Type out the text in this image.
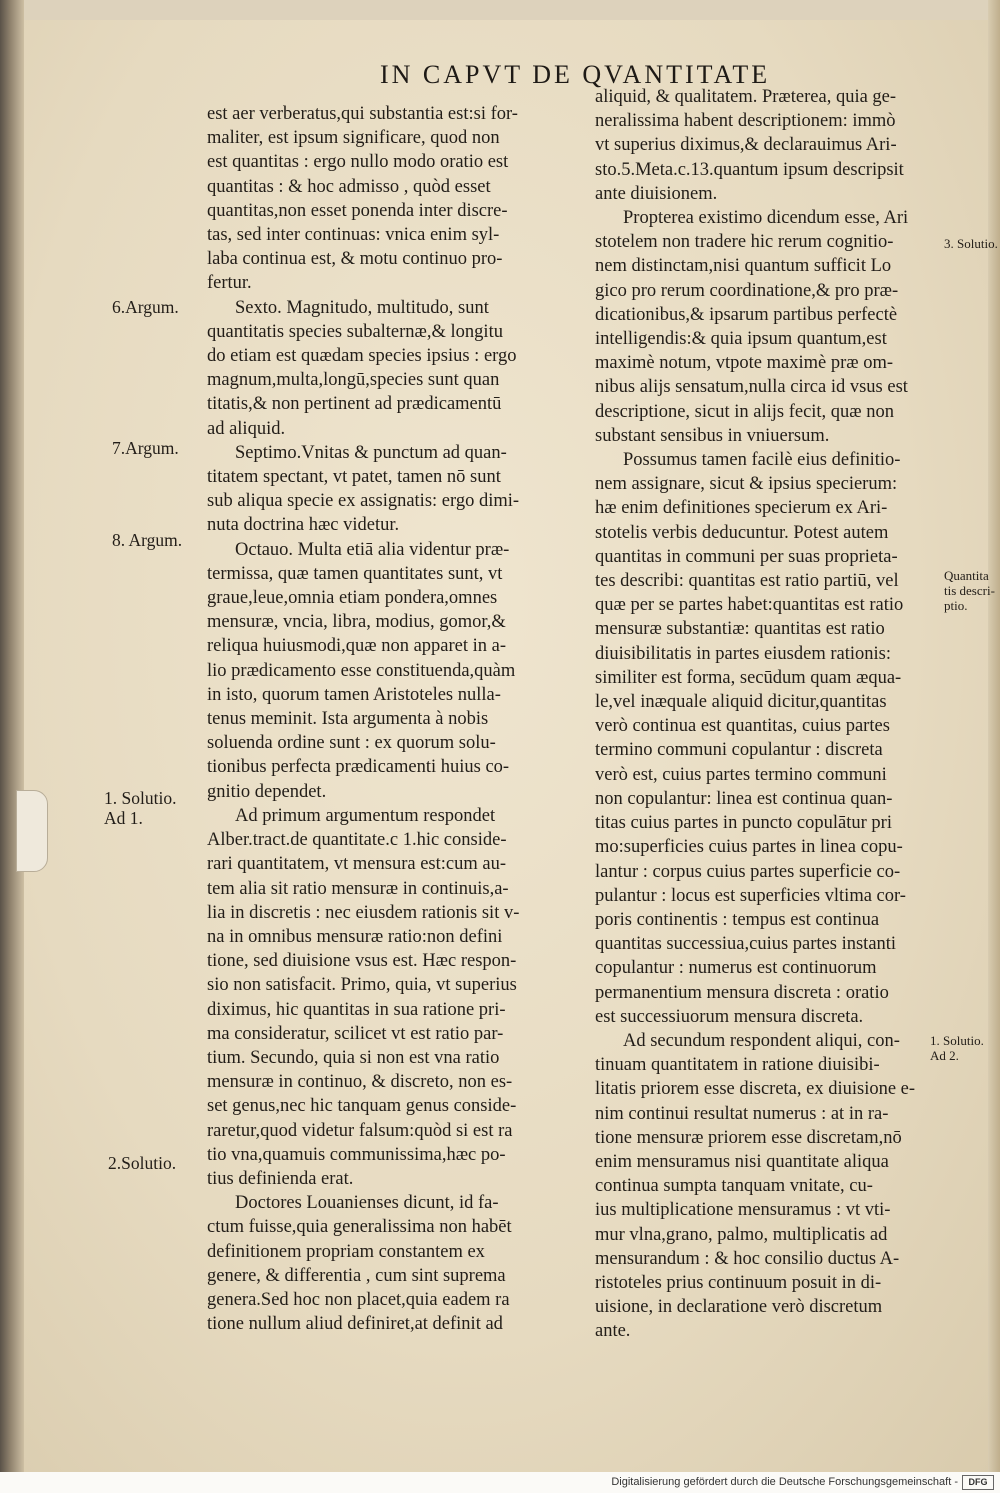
IN CAPVT DE QVANTITATE

est aer verberatus,qui substantia est:si for-

maliter, est ipsum significare, quod non

est quantitas : ergo nullo modo oratio est

quantitas : & hoc admisso , quòd esset

quantitas,non esset ponenda inter discre-

tas, sed inter continuas: vnica enim syl-

laba continua est, & motu continuo pro-

fertur.

Sexto. Magnitudo, multitudo, sunt

quantitatis species subalternæ,& longitu

do etiam est quædam species ipsius : ergo

magnum,multa,longū,species sunt quan

titatis,& non pertinent ad prædicamentū

ad aliquid.

Septimo.Vnitas & punctum ad quan-

titatem spectant, vt patet, tamen nō sunt

sub aliqua specie ex assignatis: ergo dimi-

nuta doctrina hæc videtur.

Octauo. Multa etiā alia videntur præ-

termissa, quæ tamen quantitates sunt, vt

graue,leue,omnia etiam pondera,omnes

mensuræ, vncia, libra, modius, gomor,&

reliqua huiusmodi,quæ non apparet in a-

lio prædicamento esse constituenda,quàm

in isto, quorum tamen Aristoteles nulla-

tenus meminit. Ista argumenta à nobis

soluenda ordine sunt : ex quorum solu-

tionibus perfecta prædicamenti huius co-

gnitio dependet.

Ad primum argumentum respondet

Alber.tract.de quantitate.c 1.hic conside-

rari quantitatem, vt mensura est:cum au-

tem alia sit ratio mensuræ in continuis,a-

lia in discretis : nec eiusdem rationis sit v-

na in omnibus mensuræ ratio:non defini

tione, sed diuisione vsus est. Hæc respon-

sio non satisfacit. Primo, quia, vt superius

diximus, hic quantitas in sua ratione pri-

ma consideratur, scilicet vt est ratio par-

tium. Secundo, quia si non est vna ratio

mensuræ in continuo, & discreto, non es-

set genus,nec hic tanquam genus conside-

raretur,quod videtur falsum:quòd si est ra

tio vna,quamuis communissima,hæc po-

tius definienda erat.

Doctores Louanienses dicunt, id fa-

ctum fuisse,quia generalissima non habēt

definitionem propriam constantem ex

genere, & differentia , cum sint suprema

genera.Sed hoc non placet,quia eadem ra

tione nullum aliud definiret,at definit ad

aliquid, & qualitatem. Præterea, quia ge-

neralissima habent descriptionem: immò

vt superius diximus,& declarauimus Ari-

sto.5.Meta.c.13.quantum ipsum descripsit

ante diuisionem.

Propterea existimo dicendum esse, Ari

stotelem non tradere hic rerum cognitio-

nem distinctam,nisi quantum sufficit Lo

gico pro rerum coordinatione,& pro præ-

dicationibus,& ipsarum partibus perfectè

intelligendis:& quia ipsum quantum,est

maximè notum, vtpote maximè præ om-

nibus alijs sensatum,nulla circa id vsus est

descriptione, sicut in alijs fecit, quæ non

substant sensibus in vniuersum.

Possumus tamen facilè eius definitio-

nem assignare, sicut & ipsius specierum:

hæ enim definitiones specierum ex Ari-

stotelis verbis deducuntur. Potest autem

quantitas in communi per suas proprieta-

tes describi: quantitas est ratio partiū, vel

quæ per se partes habet:quantitas est ratio

mensuræ substantiæ: quantitas est ratio

diuisibilitatis in partes eiusdem rationis:

similiter est forma, secūdum quam æqua-

le,vel inæquale aliquid dicitur,quantitas

verò continua est quantitas, cuius partes

termino communi copulantur : discreta

verò est, cuius partes termino communi

non copulantur: linea est continua quan-

titas cuius partes in puncto copulātur pri

mo:superficies cuius partes in linea copu-

lantur : corpus cuius partes superficie co-

pulantur : locus est superficies vltima cor-

poris continentis : tempus est continua

quantitas successiua,cuius partes instanti

copulantur : numerus est continuorum

permanentium mensura discreta : oratio

est successiuorum mensura discreta.

Ad secundum respondent aliqui, con-

tinuam quantitatem in ratione diuisibi-

litatis priorem esse discreta, ex diuisione e-

nim continui resultat numerus : at in ra-

tione mensuræ priorem esse discretam,nō

enim mensuramus nisi quantitate aliqua

continua sumpta tanquam vnitate, cu-

ius multiplicatione mensuramus : vt vti-

mur vlna,grano, palmo, multiplicatis ad

mensurandum : & hoc consilio ductus A-

ristoteles prius continuum posuit in di-

uisione, in declaratione verò discretum

ante.

6.Argum.
7.Argum.
8. Argum.
1. Solutio.
Ad 1.
2.Solutio.
3. Solutio.
Quantita
tis descri-
ptio.
1. Solutio.
Ad 2.
Digitalisierung gefördert durch die Deutsche Forschungsgemeinschaft -	DFG
